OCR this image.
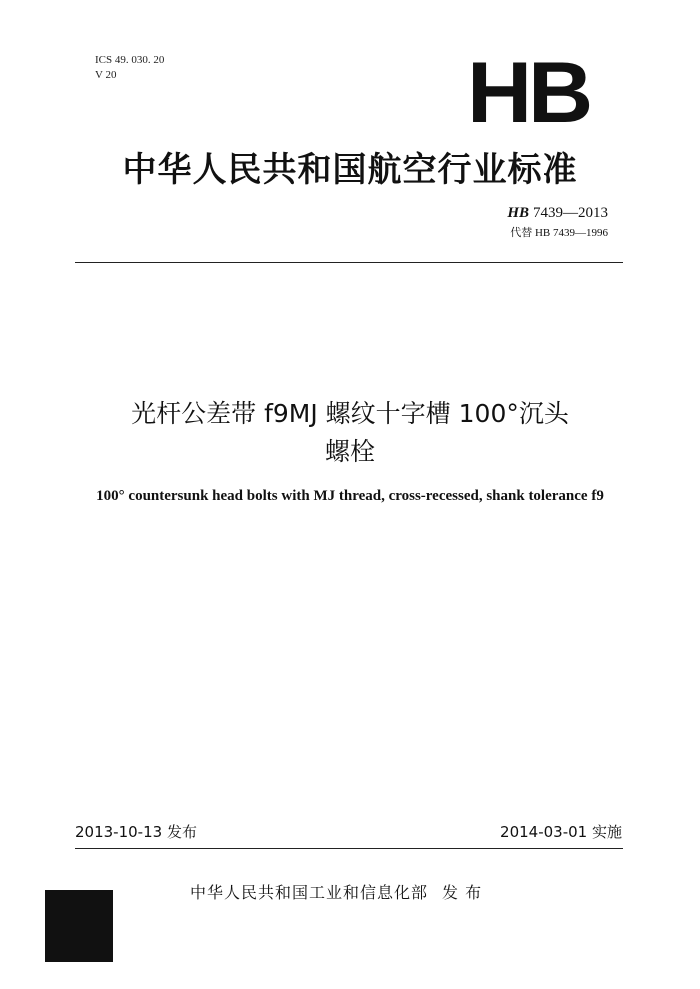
ICS 49. 030. 20
V 20	HB
中华人民共和国航空行业标准
HB 7439—2013
代替 HB 7439—1996
光杆公差带 f9MJ 螺纹十字槽 100°沉头
螺栓
100° countersunk head bolts with MJ thread, cross-recessed, shank tolerance f9
2013-10-13 发布	2014-03-01 实施
中华人民共和国工业和信息化部 发 布
